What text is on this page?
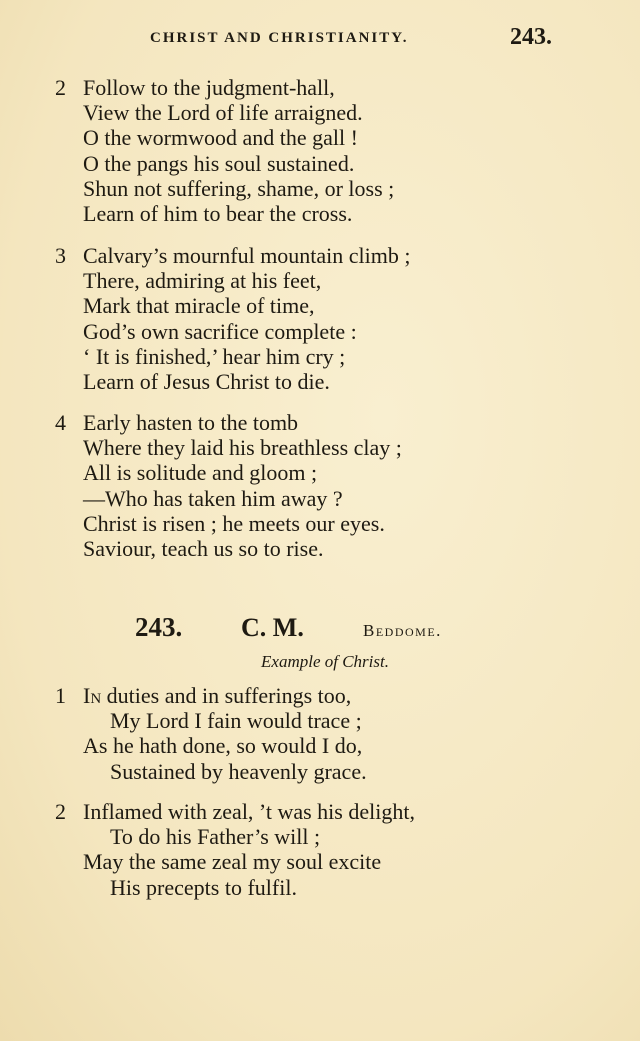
CHRIST AND CHRISTIANITY.	243.
2 Follow to the judgment-hall,
View the Lord of life arraigned.
O the wormwood and the gall !
O the pangs his soul sustained.
Shun not suffering, shame, or loss ;
Learn of him to bear the cross.
3 Calvary’s mournful mountain climb ;
There, admiring at his feet,
Mark that miracle of time,
God’s own sacrifice complete :
‘ It is finished,’ hear him cry ;
Learn of Jesus Christ to die.
4 Early hasten to the tomb
Where they laid his breathless clay ;
All is solitude and gloom ;
—Who has taken him away ?
Christ is risen ; he meets our eyes.
Saviour, teach us so to rise.
243. C. M.	Beddome.
Example of Christ.
1 In duties and in sufferings too,
My Lord I fain would trace ;
As he hath done, so would I do,
Sustained by heavenly grace.
2 Inflamed with zeal, ’t was his delight,
To do his Father’s will ;
May the same zeal my soul excite
His precepts to fulfil.
